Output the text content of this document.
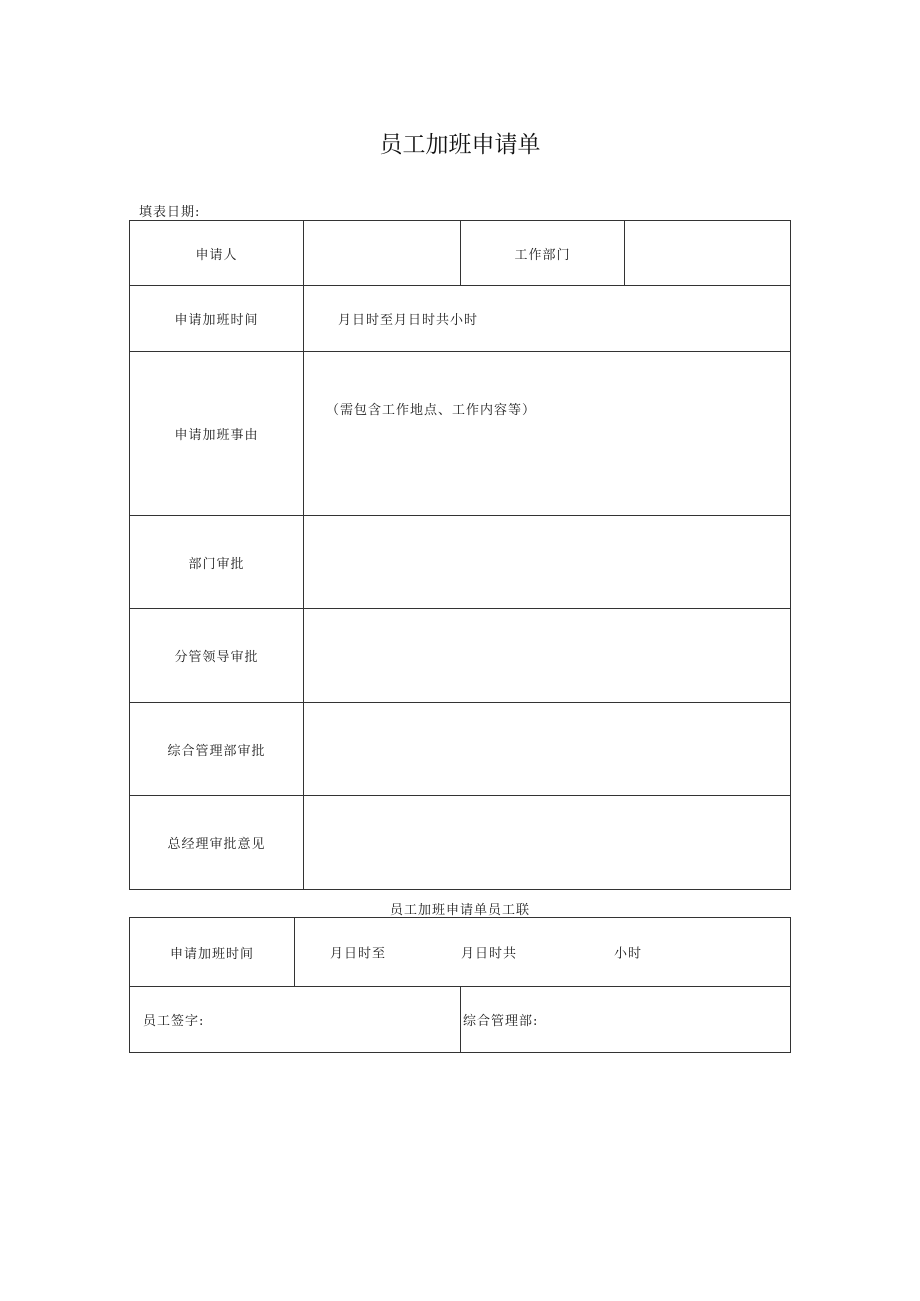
员工加班申请单
填表日期:
申请人		工作部门	
申请加班时间	月日时至月日时共小时		
申请加班事由	（需包含工作地点、工作内容等）		
部门审批			
分管领导审批			
综合管理部审批			
总经理审批意见			
员工加班申请单员工联
申请加班时间	月日时至 月日时共 小时	

员工签字:		综合管理部:
